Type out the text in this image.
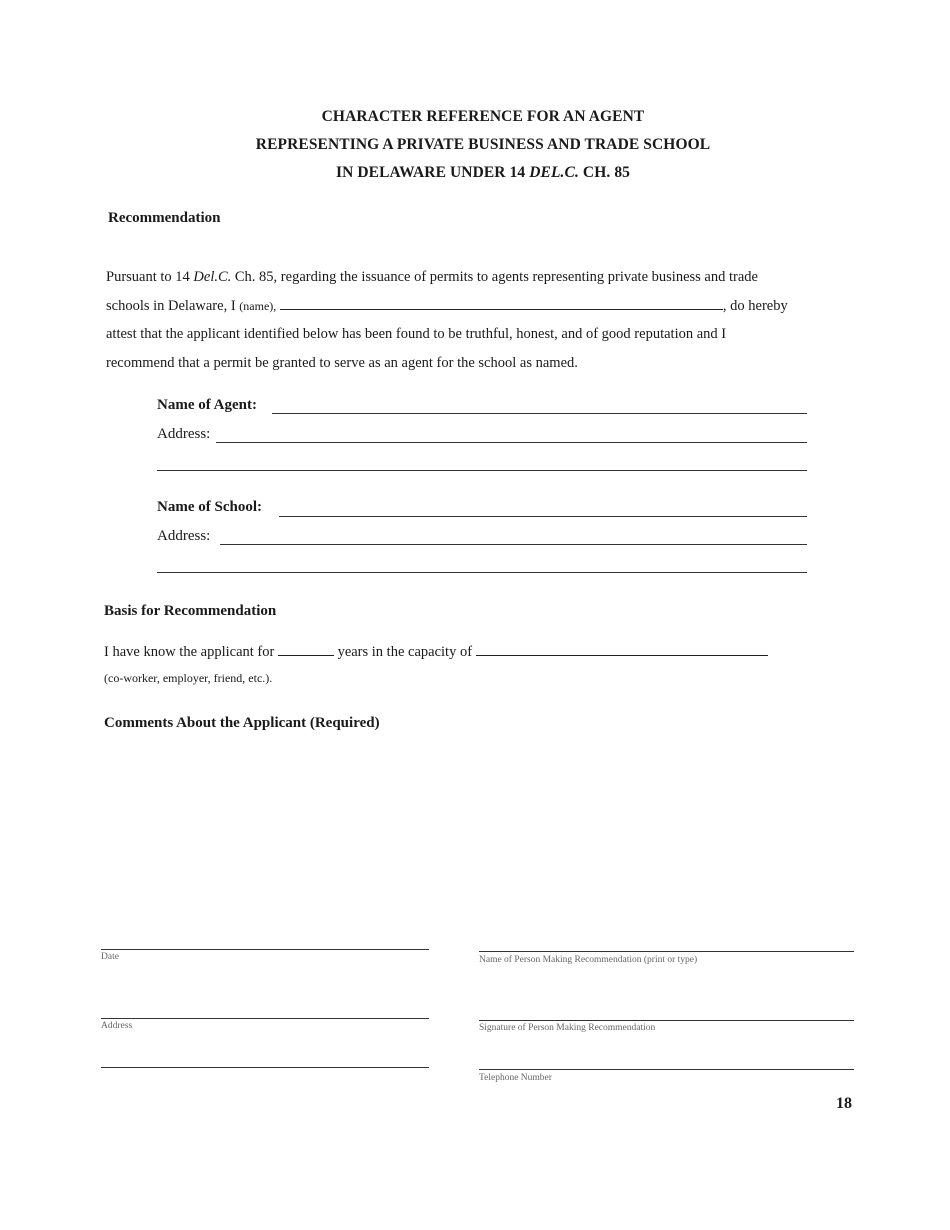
CHARACTER REFERENCE FOR AN AGENT
REPRESENTING A PRIVATE BUSINESS AND TRADE SCHOOL
IN DELAWARE UNDER 14 DEL.C. CH. 85
Recommendation

Pursuant to 14 Del.C. Ch. 85, regarding the issuance of permits to agents representing private business and trade

schools in Delaware, I (name),	, do hereby

attest that the applicant identified below has been found to be truthful, honest, and of good reputation and I

recommend that a permit be granted to serve as an agent for the school as named.

Name of Agent:
Address:
Name of School:
Address:
Basis for Recommendation
I have know the applicant for	years in the capacity of
(co-worker, employer, friend, etc.).
Comments About the Applicant (Required)
Date	Name of Person Making Recommendation (print or type)
Address	Signature of Person Making Recommendation
Telephone Number
18
